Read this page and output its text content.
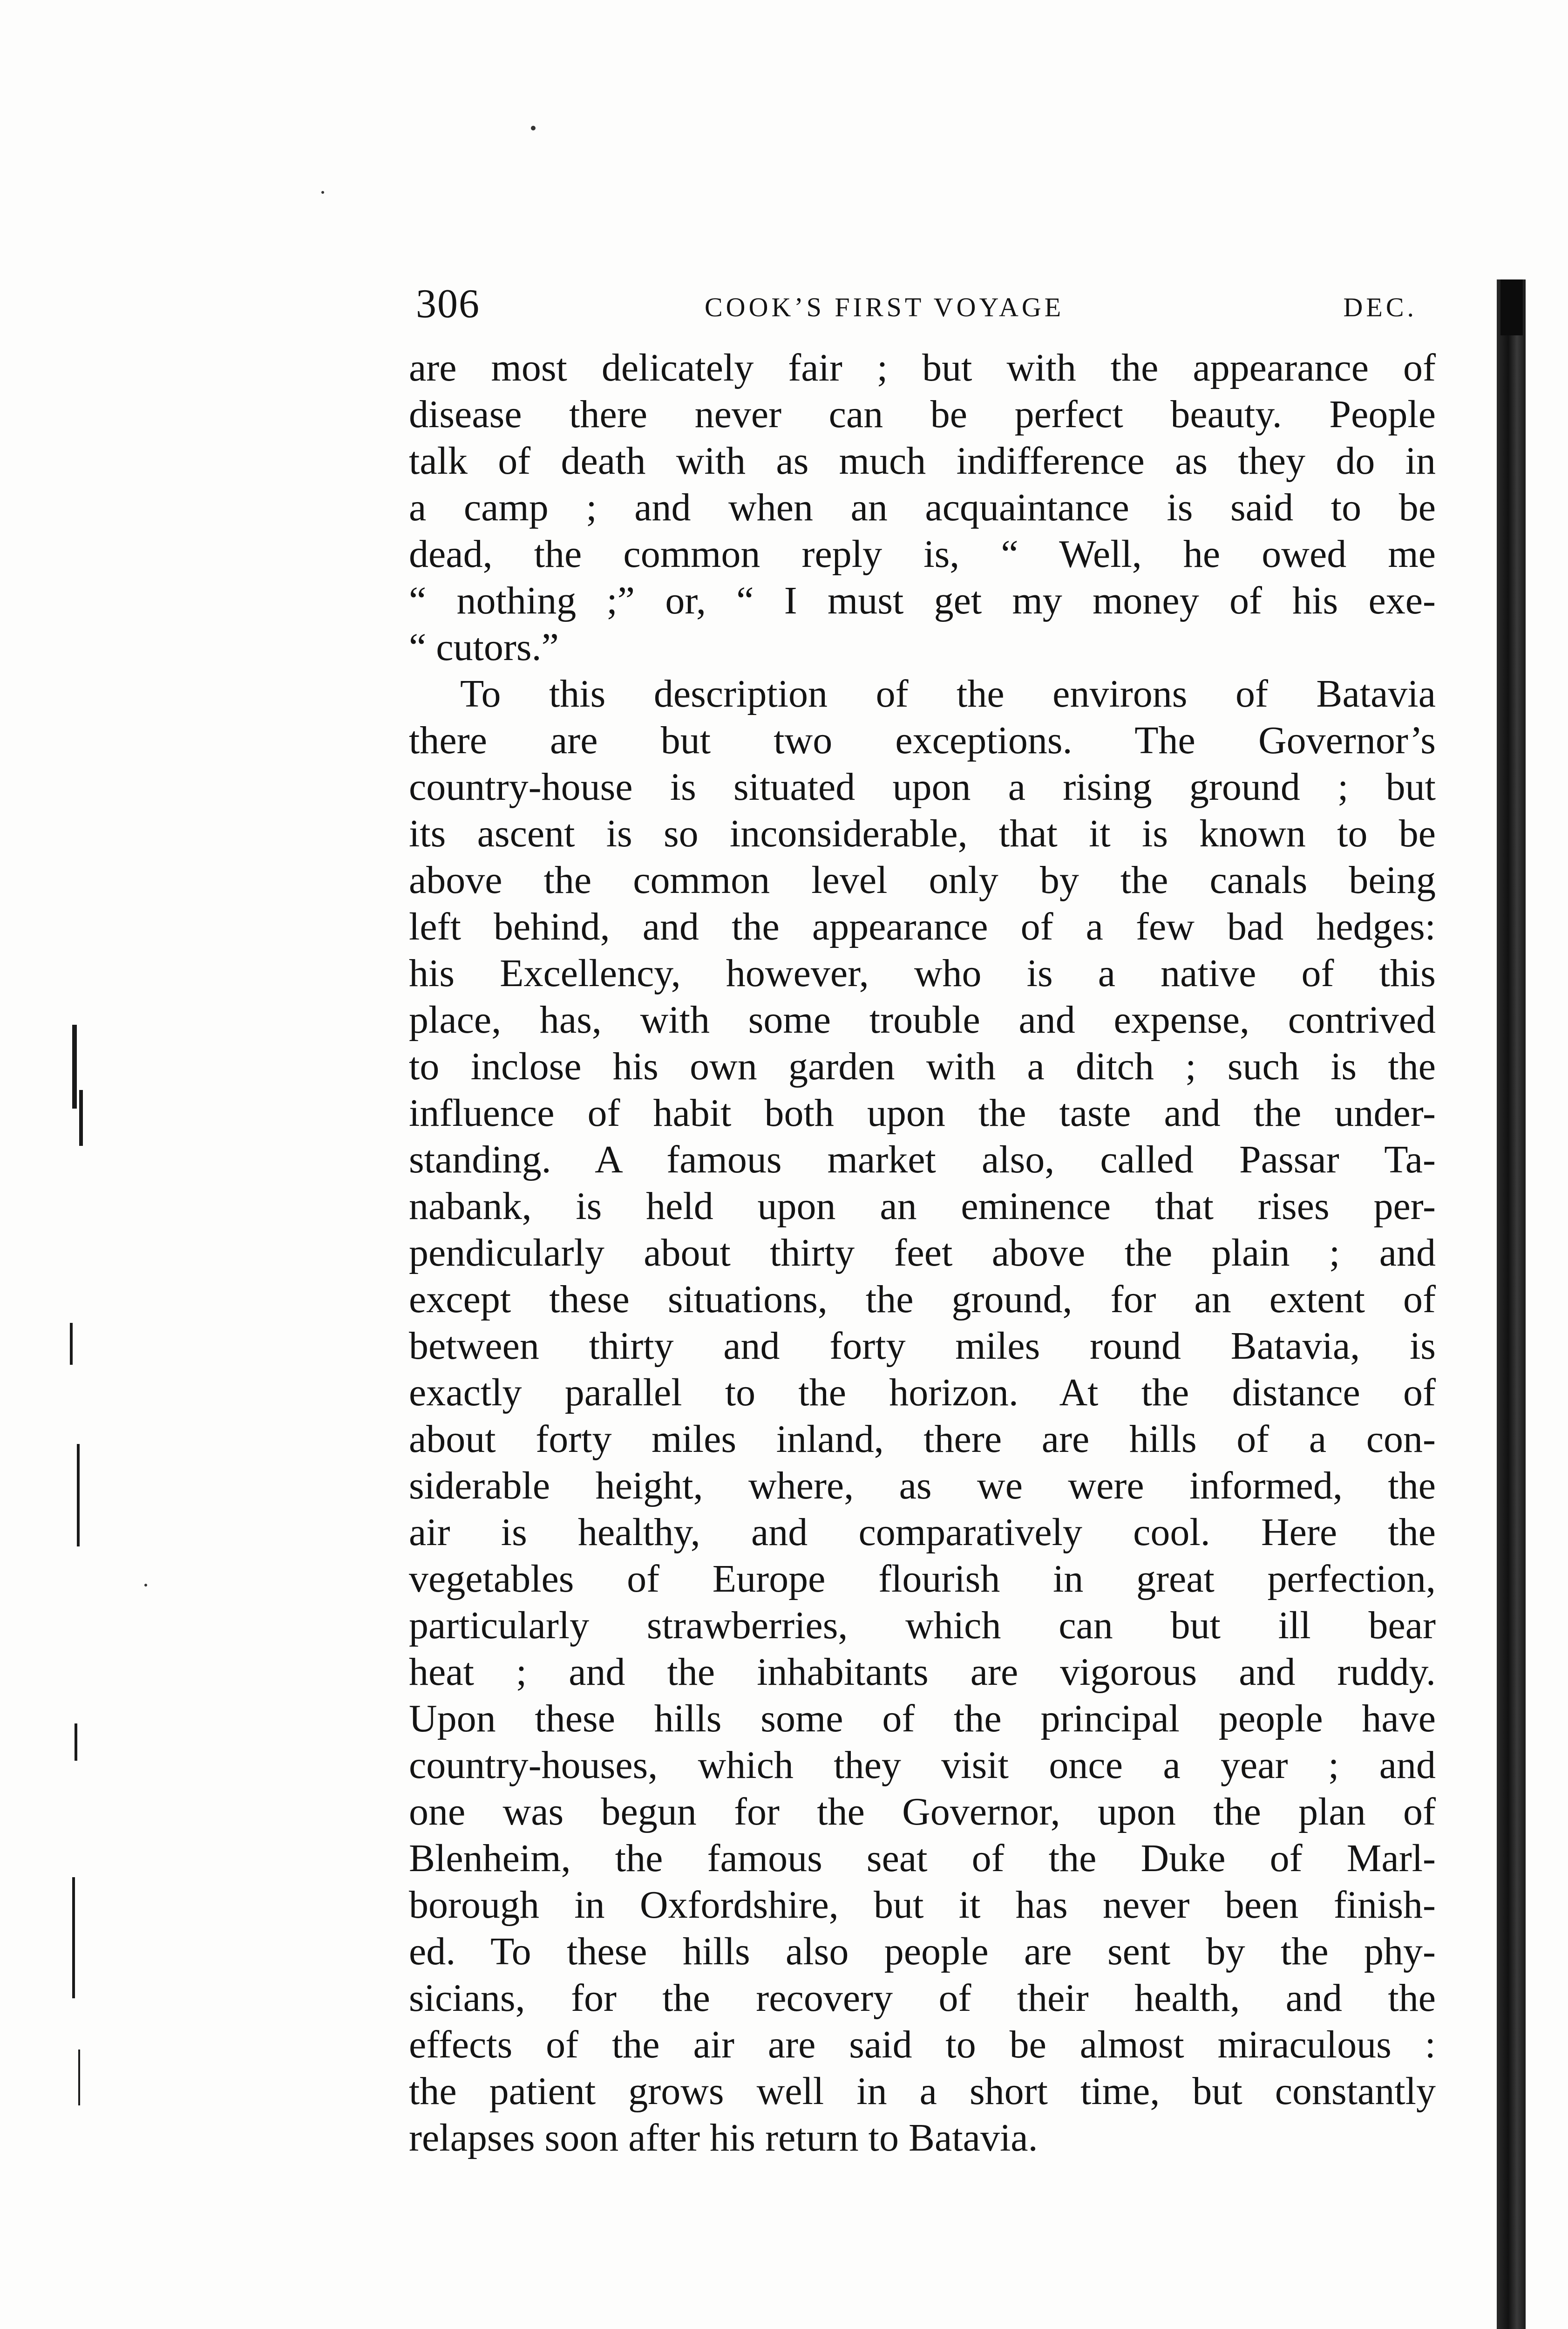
306	COOK’S FIRST VOYAGE	DEC.
are most delicately fair ; but with the appearance of
disease there never can be perfect beauty. People
talk of death with as much indifference as they do in
a camp ; and when an acquaintance is said to be
dead, the common reply is, “ Well, he owed me
“ nothing ;” or, “ I must get my money of his exe-
“ cutors.”
To this description of the environs of Batavia
there are but two exceptions. The Governor’s
country-house is situated upon a rising ground ; but
its ascent is so inconsiderable, that it is known to be
above the common level only by the canals being
left behind, and the appearance of a few bad hedges:
his Excellency, however, who is a native of this
place, has, with some trouble and expense, contrived
to inclose his own garden with a ditch ; such is the
influence of habit both upon the taste and the under-
standing. A famous market also, called Passar Ta-
nabank, is held upon an eminence that rises per-
pendicularly about thirty feet above the plain ; and
except these situations, the ground, for an extent of
between thirty and forty miles round Batavia, is
exactly parallel to the horizon. At the distance of
about forty miles inland, there are hills of a con-
siderable height, where, as we were informed, the
air is healthy, and comparatively cool. Here the
vegetables of Europe flourish in great perfection,
particularly strawberries, which can but ill bear
heat ; and the inhabitants are vigorous and ruddy.
Upon these hills some of the principal people have
country-houses, which they visit once a year ; and
one was begun for the Governor, upon the plan of
Blenheim, the famous seat of the Duke of Marl-
borough in Oxfordshire, but it has never been finish-
ed. To these hills also people are sent by the phy-
sicians, for the recovery of their health, and the
effects of the air are said to be almost miraculous :
the patient grows well in a short time, but constantly
relapses soon after his return to Batavia.
